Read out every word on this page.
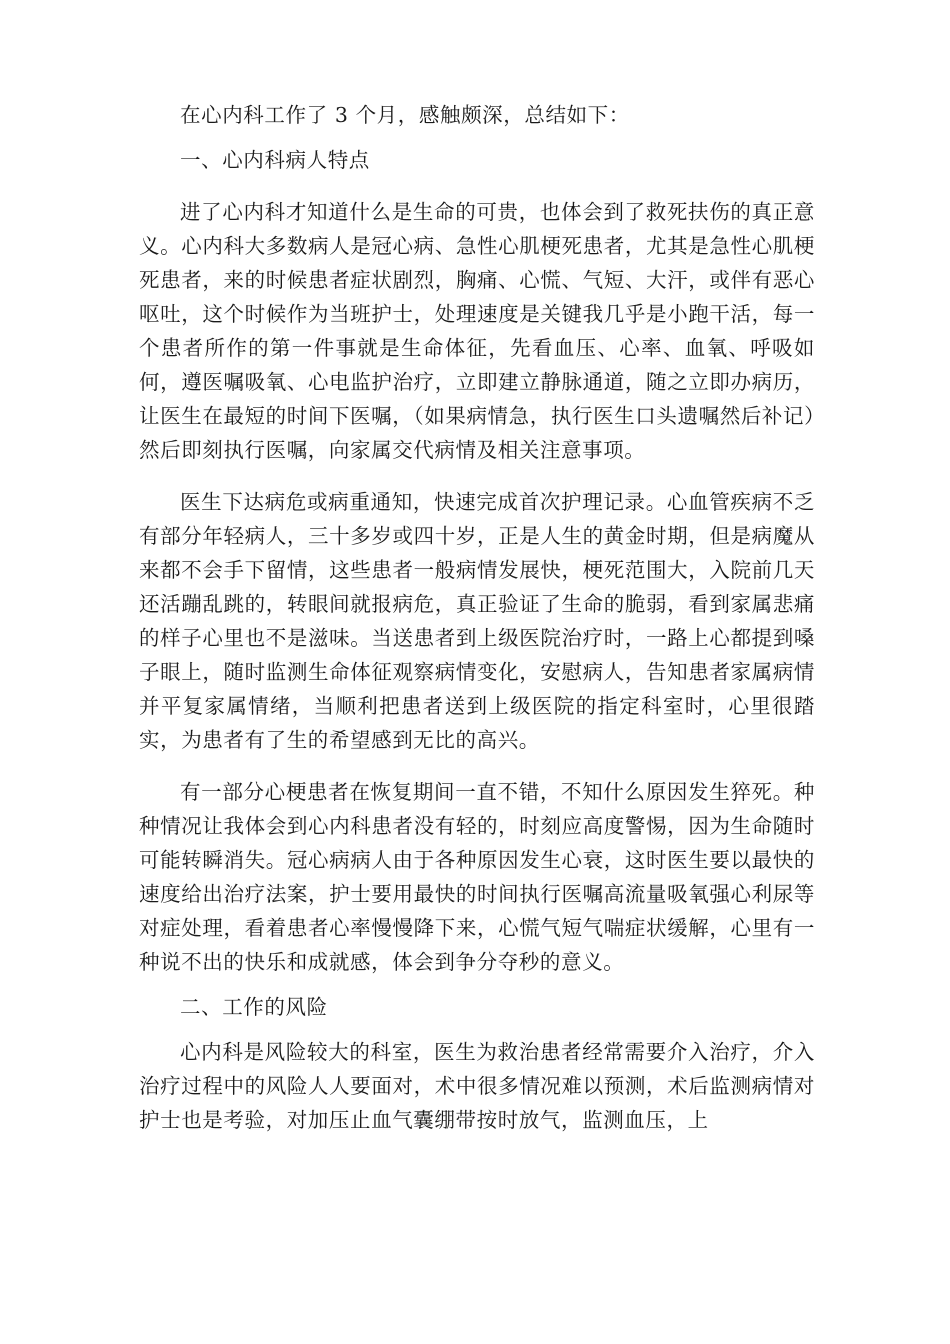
在心内科工作了 3 个月，感触颇深，总结如下：

一、心内科病人特点

进了心内科才知道什么是生命的可贵，也体会到了救死扶伤的真正意义。心内科大多数病人是冠心病、急性心肌梗死患者，尤其是急性心肌梗死患者，来的时候患者症状剧烈，胸痛、心慌、气短、大汗，或伴有恶心呕吐，这个时候作为当班护士，处理速度是关键我几乎是小跑干活，每一个患者所作的第一件事就是生命体征，先看血压、心率、血氧、呼吸如何，遵医嘱吸氧、心电监护治疗，立即建立静脉通道，随之立即办病历，让医生在最短的时间下医嘱，（如果病情急，执行医生口头遗嘱然后补记）然后即刻执行医嘱，向家属交代病情及相关注意事项。

医生下达病危或病重通知，快速完成首次护理记录。心血管疾病不乏有部分年轻病人，三十多岁或四十岁，正是人生的黄金时期，但是病魔从来都不会手下留情，这些患者一般病情发展快，梗死范围大，入院前几天还活蹦乱跳的，转眼间就报病危，真正验证了生命的脆弱，看到家属悲痛的样子心里也不是滋味。当送患者到上级医院治疗时，一路上心都提到嗓子眼上，随时监测生命体征观察病情变化，安慰病人，告知患者家属病情并平复家属情绪，当顺利把患者送到上级医院的指定科室时，心里很踏实，为患者有了生的希望感到无比的高兴。

有一部分心梗患者在恢复期间一直不错，不知什么原因发生猝死。种种情况让我体会到心内科患者没有轻的，时刻应高度警惕，因为生命随时可能转瞬消失。冠心病病人由于各种原因发生心衰，这时医生要以最快的速度给出治疗法案，护士要用最快的时间执行医嘱高流量吸氧强心利尿等对症处理，看着患者心率慢慢降下来，心慌气短气喘症状缓解，心里有一种说不出的快乐和成就感，体会到争分夺秒的意义。

二、工作的风险

心内科是风险较大的科室，医生为救治患者经常需要介入治疗，介入治疗过程中的风险人人要面对，术中很多情况难以预测，术后监测病情对护士也是考验，对加压止血气囊绷带按时放气，监测血压，上
